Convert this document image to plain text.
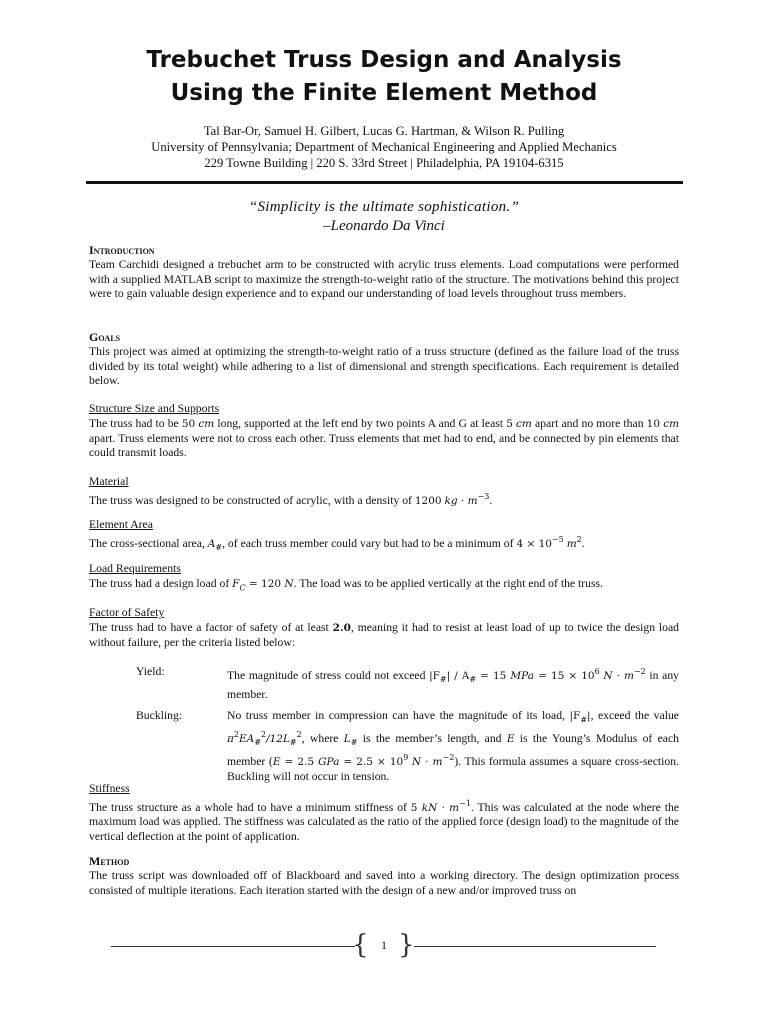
Trebuchet Truss Design and Analysis
Using the Finite Element Method
Tal Bar-Or, Samuel H. Gilbert, Lucas G. Hartman, & Wilson R. Pulling
University of Pennsylvania; Department of Mechanical Engineering and Applied Mechanics
229 Towne Building | 220 S. 33rd Street | Philadelphia, PA 19104-6315
“Simplicity is the ultimate sophistication.”
–Leonardo Da Vinci
Introduction
Team Carchidi designed a trebuchet arm to be constructed with acrylic truss elements. Load computations were performed with a supplied MATLAB script to maximize the strength-to-weight ratio of the structure. The motivations behind this project were to gain valuable design experience and to expand our understanding of load levels throughout truss members.
Goals
This project was aimed at optimizing the strength-to-weight ratio of a truss structure (defined as the failure load of the truss divided by its total weight) while adhering to a list of dimensional and strength specifications. Each requirement is detailed below.
Structure Size and Supports
The truss had to be 50 cm long, supported at the left end by two points A and G at least 5 cm apart and no more than 10 cm apart. Truss elements were not to cross each other. Truss elements that met had to end, and be connected by pin elements that could transmit loads.
Material
The truss was designed to be constructed of acrylic, with a density of 1200 kg · $m^{-3}$.
Element Area
The cross-sectional area, $A_{\#}$, of each truss member could vary but had to be a minimum of $4 \times 10^{-5}$ $m^2$.
Load Requirements
The truss had a design load of $F_C = 120$ N. The load was to be applied vertically at the right end of the truss.
Factor of Safety
The truss had to have a factor of safety of at least 2.0, meaning it had to resist at least load of up to twice the design load without failure, per the criteria listed below:
Yield:	The magnitude of stress could not exceed $|F_{\#}| / A_{\#} = 15$ MPa = $15 \times 10^6$ $N \cdot m^{-2}$ in any member.
Buckling:	No truss member in compression can have the magnitude of its load, $|F_{\#}|$, exceed the value $\pi^2EA_{\#}^2/12L_{\#}^2$, where $L_{\#}$ is the member’s length, and E is the Young’s Modulus of each member (E = 2.5 GPa = $2.5 \times 10^9$ $N \cdot m^{-2}$). This formula assumes a square cross-section. Buckling will not occur in tension.
Stiffness
The truss structure as a whole had to have a minimum stiffness of 5 kN · $m^{-1}$. This was calculated at the node where the maximum load was applied. The stiffness was calculated as the ratio of the applied force (design load) to the magnitude of the vertical deflection at the point of application.
Method
The truss script was downloaded off of Blackboard and saved into a working directory. The design optimization process consisted of multiple iterations. Each iteration started with the design of a new and/or improved truss on
{	1 }
